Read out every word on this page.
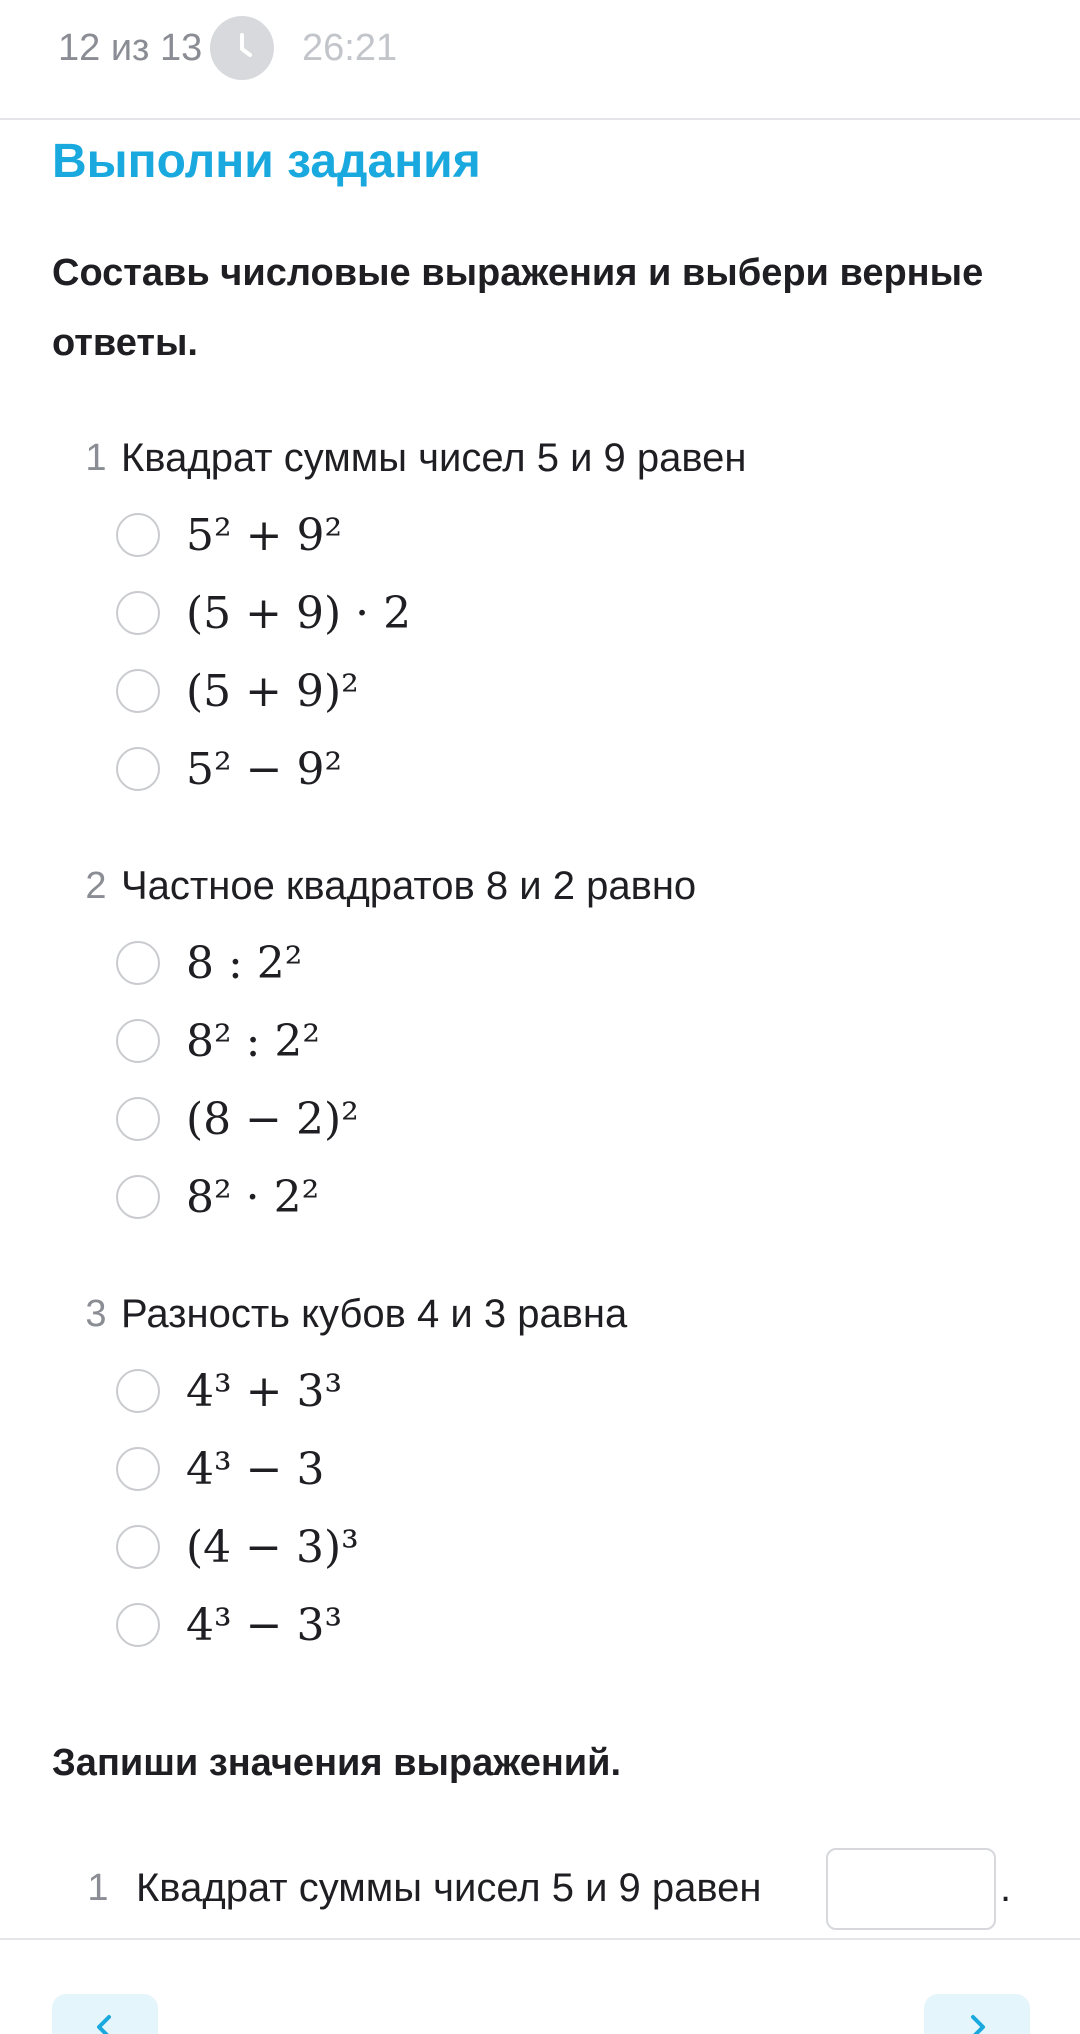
12 из 13	26:21
Выполни задания
Составь числовые выражения и выбери верные ответы.
1 Квадрат суммы чисел 5 и 9 равен
5² + 9²
(5 + 9) · 2
(5 + 9)²
5² − 9²
2 Частное квадратов 8 и 2 равно
8 : 2²
8² : 2²
(8 − 2)²
8² · 2²
3 Разность кубов 4 и 3 равна
4³ + 3³
4³ − 3
(4 − 3)³
4³ − 3³
Запиши значения выражений.
1 Квадрат суммы чисел 5 и 9 равен	.
